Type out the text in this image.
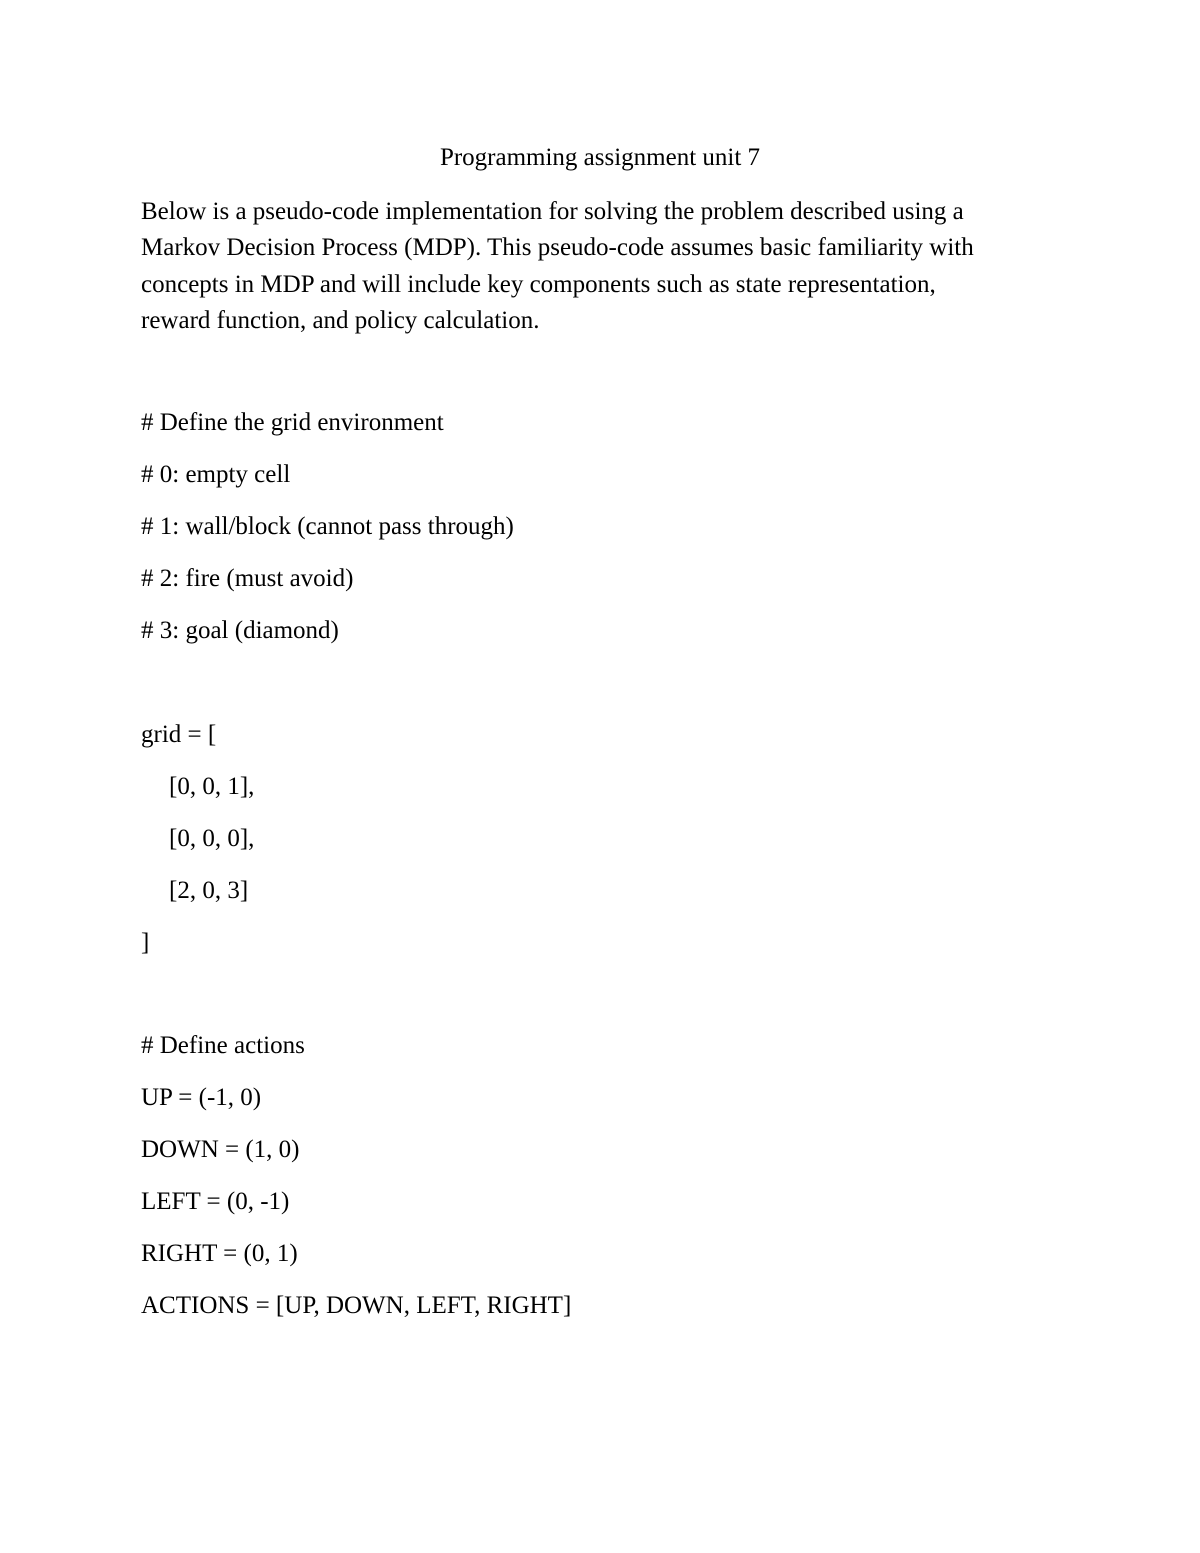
Programming assignment unit 7

Below is a pseudo-code implementation for solving the problem described using a

Markov Decision Process (MDP). This pseudo-code assumes basic familiarity with

concepts in MDP and will include key components such as state representation,

reward function, and policy calculation.

# Define the grid environment
# 0: empty cell
# 1: wall/block (cannot pass through)
# 2: fire (must avoid)
# 3: goal (diamond)
grid = [
[0, 0, 1],
[0, 0, 0],
[2, 0, 3]
]
# Define actions
UP = (-1, 0)
DOWN = (1, 0)
LEFT = (0, -1)
RIGHT = (0, 1)
ACTIONS = [UP, DOWN, LEFT, RIGHT]
